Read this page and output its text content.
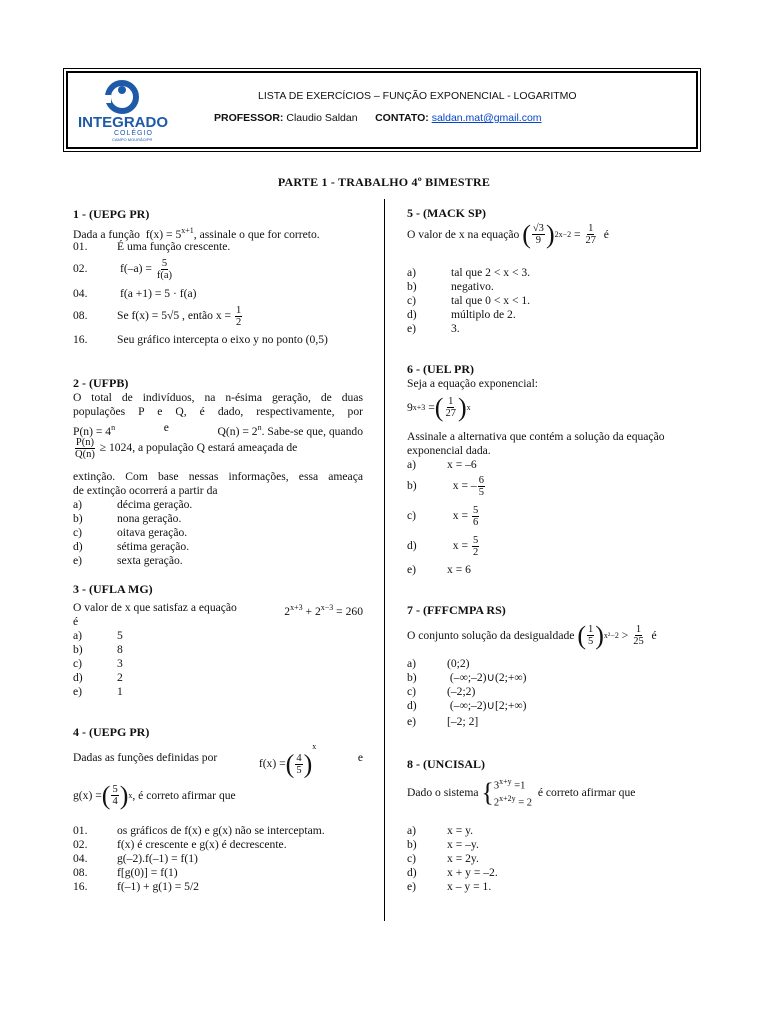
INTEGRADO
COLÉGIO
CAMPO MOURÃO/PR
LISTA DE EXERCÍCIOS – FUNÇÃO EXPONENCIAL - LOGARITMO
PROFESSOR: Claudio Saldan CONTATO: saldan.mat@gmail.com
PARTE 1 - TRABALHO 4º BIMESTRE
1 - (UEPG PR)
Dada a função $f(x) = 5^{x+1}$, assinale o que for correto.
01.	É uma função crescente.
02.	$f(-a) = \frac{5}{f(a)}$
04.	f(a +1) = 5 · f(a)
08.	Se f(x) = 5√5 , então $x = \frac{1}{2}$
16.	Seu gráfico intercepta o eixo y no ponto (0,5)
2 - (UFPB)
O total de indivíduos, na n-ésima geração, de duas
populações P e Q, é dado, respectivamente, por
$P(n) = 4^n$	e	$Q(n) = 2^n$. Sabe-se que, quando
$\frac{P(n)}{Q(n)} \ge 1024$, a população Q estará ameaçada de
extinção. Com base nessas informações, essa ameaça
de extinção ocorrerá a partir da
a)	décima geração.
b)	nona geração.
c)	oitava geração.
d)	sétima geração.
e)	sexta geração.
3 - (UFLA MG)
O valor de x que satisfaz a equação	$2^{x+3} + 2^{x-3} = 260$
é
a)	5
b)	8
c)	3
d)	2
e)	1
4 - (UEPG PR)
Dadas as funções definidas por	f(x) =( $\frac{4}{5} )^x$
e
g(x) = ( $\frac{5}{4}$ ) x , é correto afirmar que
01.	os gráficos de f(x) e g(x) não se interceptam.
02.	f(x) é crescente e g(x) é decrescente.
04.	g(–2).f(–1) = f(1)
08.	f[g(0)] = f(1)
16.	f(–1) + g(1) = 5/2
5 - (MACK SP)
O valor de x na equação
( $\frac{√3}{9}$ ) 2x−2
=
$\frac{1}{27}$
é
a)	tal que 2 < x < 3.
b)	negativo.
c)	tal que 0 < x < 1.
d)	múltiplo de 2.
e)	3.
6 - (UEL PR)
Seja a equação exponencial:
9 x+3
= ( $\frac{1}{27}$ ) x
Assinale a alternativa que contém a solução da equação
exponencial dada.
a)	x = –6
b)	x = – $\frac{6}{5}$
c)	$x = \frac{5}{6}$
d)	$x = \frac{5}{2}$
e)	x = 6
7 - (FFFCMPA RS)
O conjunto solução da desigualdade
( $\frac{1}{5}$ ) x²−2
>
$\frac{1}{25}$
é
a)	(0;2)
b)	(–∞;–2)∪(2;+∞)
c)	(–2;2)
d)	(–∞;–2)∪[2;+∞)
e)	[–2; 2]
8 - (UNCISAL)
Dado o sistema
{ $3^{x+y} =1$
$2^{x+2y} = 2$

é correto afirmar que
a)	x = y.
b)	x = –y.
c)	x = 2y.
d)	x + y = –2.
e)	x – y = 1.
